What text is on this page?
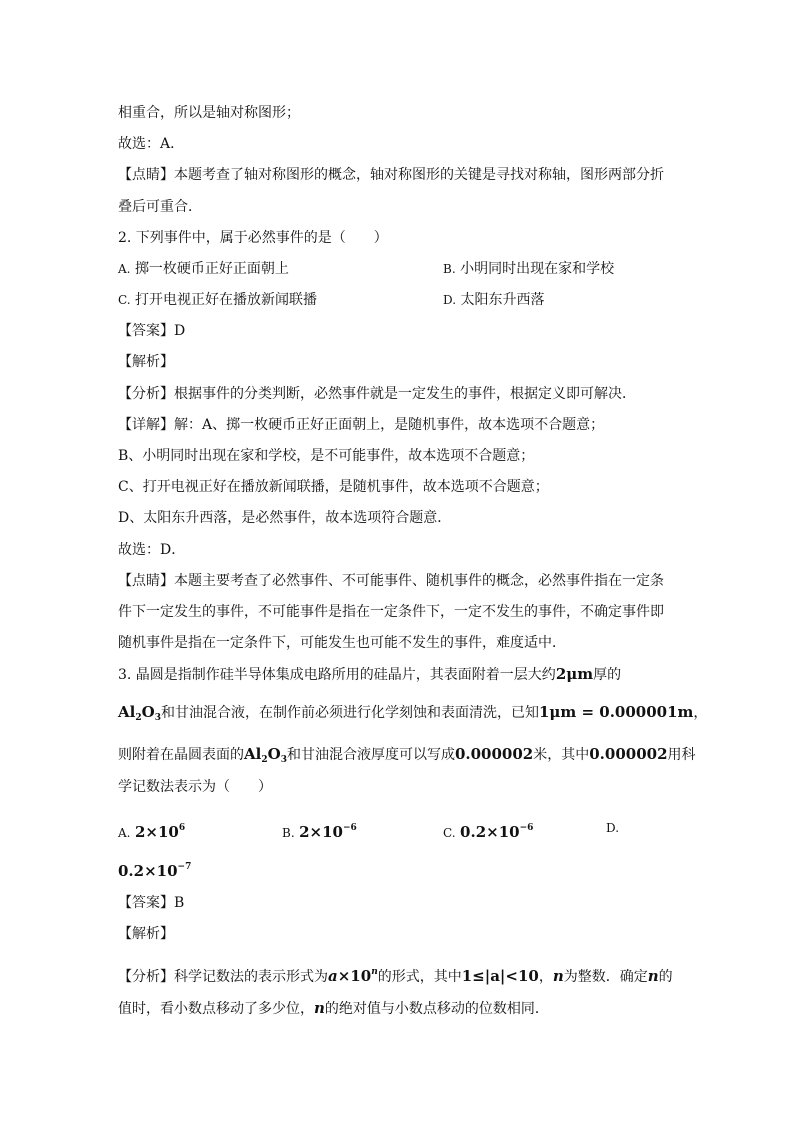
相重合，所以是轴对称图形；
故选：A．
【点睛】本题考查了轴对称图形的概念，轴对称图形的关键是寻找对称轴，图形两部分折
叠后可重合．
2. 下列事件中，属于必然事件的是（　　）
A. 掷一枚硬币正好正面朝上	B. 小明同时出现在家和学校
C. 打开电视正好在播放新闻联播	D. 太阳东升西落
【答案】D
【解析】
【分析】根据事件的分类判断，必然事件就是一定发生的事件，根据定义即可解决．
【详解】解：A、掷一枚硬币正好正面朝上，是随机事件，故本选项不合题意；
B、小明同时出现在家和学校，是不可能事件，故本选项不合题意；
C、打开电视正好在播放新闻联播，是随机事件，故本选项不合题意；
D、太阳东升西落，是必然事件，故本选项符合题意．
故选：D．
【点睛】本题主要考查了必然事件、不可能事件、随机事件的概念，必然事件指在一定条
件下一定发生的事件，不可能事件是指在一定条件下，一定不发生的事件，不确定事件即
随机事件是指在一定条件下，可能发生也可能不发生的事件，难度适中．
3. 晶圆是指制作硅半导体集成电路所用的硅晶片，其表面附着一层大约2μm厚的
$Al_2O_3$和甘油混合液，在制作前必须进行化学刻蚀和表面清洗，已知1μm = 0.000001m，
则附着在晶圆表面的$Al_2O_3$和甘油混合液厚度可以写成0.000002米，其中0.000002用科
学记数法表示为（　　）
A. $2\times 10^6$	B. $2\times 10^{-6}$	C. $0.2\times 10^{-6}$	D.
$0.2\times 10^{-7}$
【答案】B
【解析】
【分析】科学记数法的表示形式为$a\times 10^n$的形式，其中1≤|a|<10，n为整数．确定n的
值时，看小数点移动了多少位，n的绝对值与小数点移动的位数相同．
